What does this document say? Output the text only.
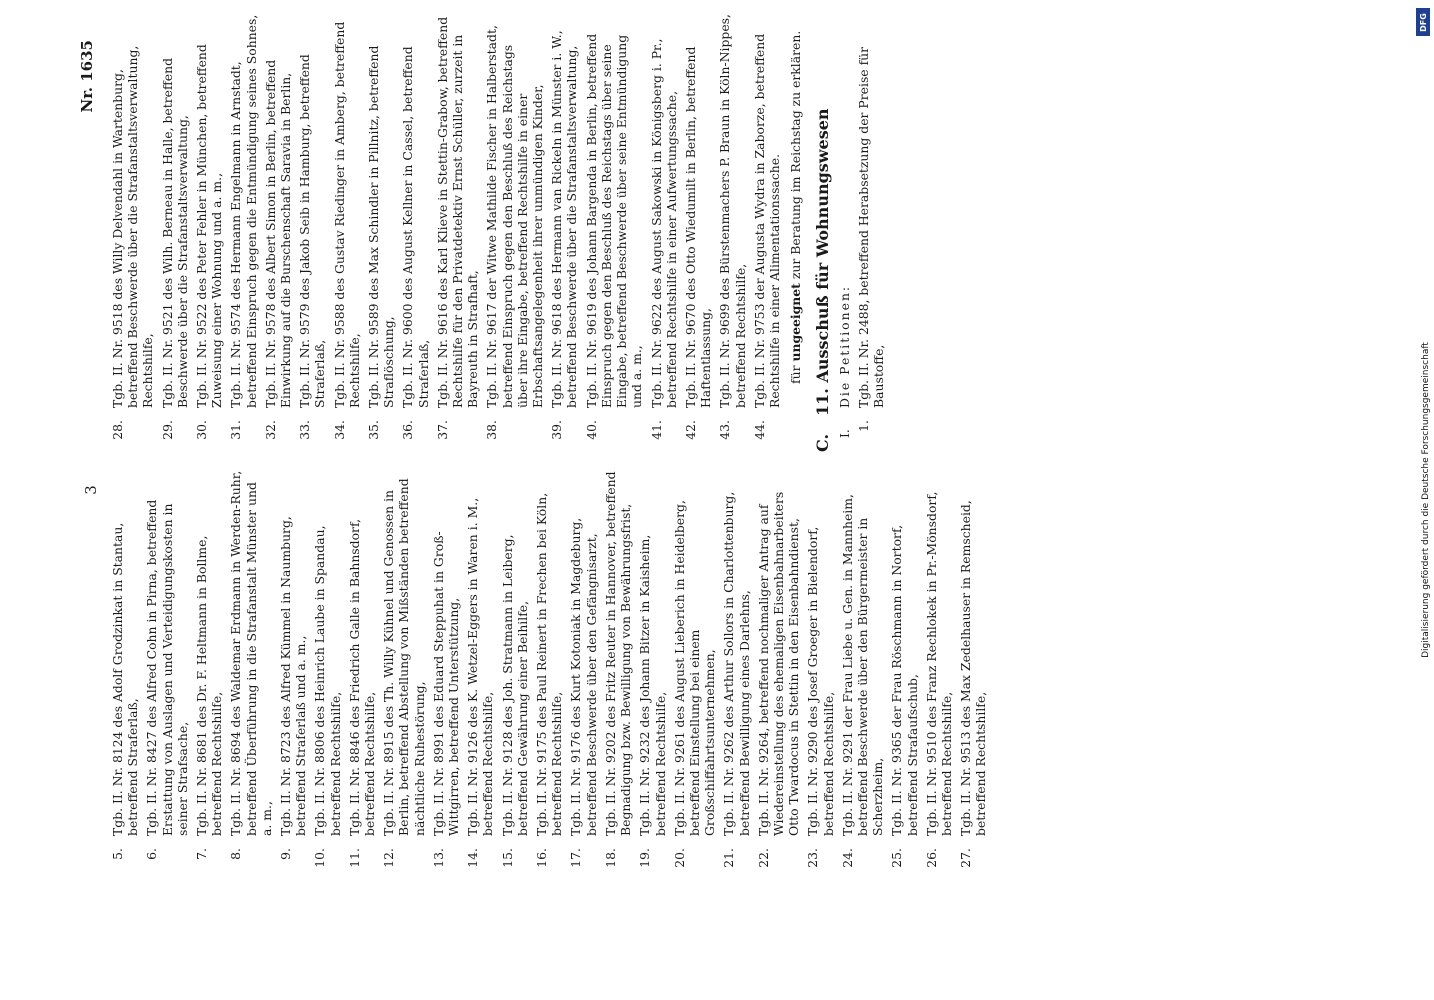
3
Nr. 1635
5.
Tgb. II. Nr. 8124 des Adolf Grodzinkat in Stantau, betreffend Straferlaß,
6.
Tgb. II. Nr. 8427 des Alfred Cohn in Pirna, betreffend Erstattung von Auslagen und Verteidigungskosten in seiner Strafsache,
7.
Tgb. II. Nr. 8681 des Dr. F. Heltmann in Bollme, betreffend Rechtshilfe,
8.
Tgb. II. Nr. 8694 des Waldemar Erdmann in Werden-Ruhr, betreffend Überführung in die Strafanstalt Münster und a. m.,
9.
Tgb. II. Nr. 8723 des Alfred Kümmel in Naumburg, betreffend Straferlaß und a. m.,
10.
Tgb. II. Nr. 8806 des Heinrich Laube in Spandau, betreffend Rechtshilfe,
11.
Tgb. II. Nr. 8846 des Friedrich Galle in Bahnsdorf, betreffend Rechtshilfe,
12.
Tgb. II. Nr. 8915 des Th. Willy Kühnel und Genossen in Berlin, betreffend Abstellung von Mißständen betreffend nächtliche Ruhestörung,
13.
Tgb. II. Nr. 8991 des Eduard Steppuhat in Groß-Wittgirren, betreffend Unterstützung,
14.
Tgb. II. Nr. 9126 des K. Wetzel-Eggers in Waren i. M., betreffend Rechtshilfe,
15.
Tgb. II. Nr. 9128 des Joh. Stratmann in Leiberg, betreffend Gewährung einer Beihilfe,
16.
Tgb. II. Nr. 9175 des Paul Reinert in Frechen bei Köln, betreffend Rechtshilfe,
17.
Tgb. II. Nr. 9176 des Kurt Kotoniak in Magdeburg, betreffend Beschwerde über den Gefängnisarzt,
18.
Tgb. II. Nr. 9202 des Fritz Reuter in Hannover, betreffend Begnadigung bzw. Bewilligung von Bewährungsfrist,
19.
Tgb. II. Nr. 9232 des Johann Bitzer in Kaisheim, betreffend Rechtshilfe,
20.
Tgb. II. Nr. 9261 des August Lieberich in Heidelberg, betreffend Einstellung bei einem Großschiffahrtsunternehmen,
21.
Tgb. II. Nr. 9262 des Arthur Sollors in Charlottenburg, betreffend Bewilligung eines Darlehns,
22.
Tgb. II. Nr. 9264, betreffend nochmaliger Antrag auf Wiedereinstellung des ehemaligen Eisenbahnarbeiters Otto Twardocus in Stettin in den Eisenbahndienst,
23.
Tgb. II. Nr. 9290 des Josef Groeger in Bielendorf, betreffend Rechtshilfe,
24.
Tgb. II. Nr. 9291 der Frau Liebe u. Gen. in Mannheim, betreffend Beschwerde über den Bürgermeister in Scherzheim,
25.
Tgb. II. Nr. 9365 der Frau Röschmann in Nortorf, betreffend Strafaufschub,
26.
Tgb. II. Nr. 9510 des Franz Rechlokek in Pr.-Mönsdorf, betreffend Rechtshilfe,
27.
Tgb. II. Nr. 9513 des Max Zedelhauser in Remscheid, betreffend Rechtshilfe,
28.
Tgb. II. Nr. 9518 des Willy Delvendahl in Wartenburg, betreffend Beschwerde über die Strafanstaltsverwaltung, Rechtshilfe,
29.
Tgb. II. Nr. 9521 des Wilh. Berneau in Halle, betreffend Beschwerde über die Strafanstaltsverwaltung,
30.
Tgb. II. Nr. 9522 des Peter Fehler in München, betreffend Zuweisung einer Wohnung und a. m.,
31.
Tgb. II. Nr. 9574 des Hermann Engelmann in Arnstadt, betreffend Einspruch gegen die Entmündigung seines Sohnes,
32.
Tgb. II. Nr. 9578 des Albert Simon in Berlin, betreffend Einwirkung auf die Burschenschaft Saravia in Berlin,
33.
Tgb. II. Nr. 9579 des Jakob Seib in Hamburg, betreffend Straferlaß,
34.
Tgb. II. Nr. 9588 des Gustav Riedinger in Amberg, betreffend Rechtshilfe,
35.
Tgb. II. Nr. 9589 des Max Schindler in Pillnitz, betreffend Straflöschung,
36.
Tgb. II. Nr. 9600 des August Kellner in Cassel, betreffend Straferlaß,
37.
Tgb. II. Nr. 9616 des Karl Klieve in Stettin-Grabow, betreffend Rechtshilfe für den Privatdetektiv Ernst Schüller, zurzeit in Bayreuth in Strafhaft,
38.
Tgb. II. Nr. 9617 der Witwe Mathilde Fischer in Halberstadt, betreffend Einspruch gegen den Beschluß des Reichstags über ihre Eingabe, betreffend Rechtshilfe in einer Erbschaftsangelegenheit ihrer unmündigen Kinder,
39.
Tgb. II. Nr. 9618 des Hermann van Rickeln in Münster i. W., betreffend Beschwerde über die Strafanstaltsverwaltung,
40.
Tgb. II. Nr. 9619 des Johann Bargenda in Berlin, betreffend Einspruch gegen den Beschluß des Reichstags über seine Eingabe, betreffend Beschwerde über seine Entmündigung und a. m.,
41.
Tgb. II. Nr. 9622 des August Sakowski in Königsberg i. Pr., betreffend Rechtshilfe in einer Aufwertungssache,
42.
Tgb. II. Nr. 9670 des Otto Wiedumilt in Berlin, betreffend Haftentlassung,
43.
Tgb. II. Nr. 9699 des Bürstenmachers P. Braun in Köln-Nippes, betreffend Rechtshilfe,
44.
Tgb. II. Nr. 9753 der Augusta Wydra in Zaborze, betreffend Rechtshilfe in einer Alimentationssache. für ungeeignet zur Beratung im Reichstag zu erklären.
C.11. Ausschuß für Wohnungswesen
I.Die Petitionen:
1.
Tgb. II. Nr. 2488, betreffend Herabsetzung der Preise für Baustoffe,
DFG
Digitalisierung gefördert durch die Deutsche Forschungsgemeinschaft
